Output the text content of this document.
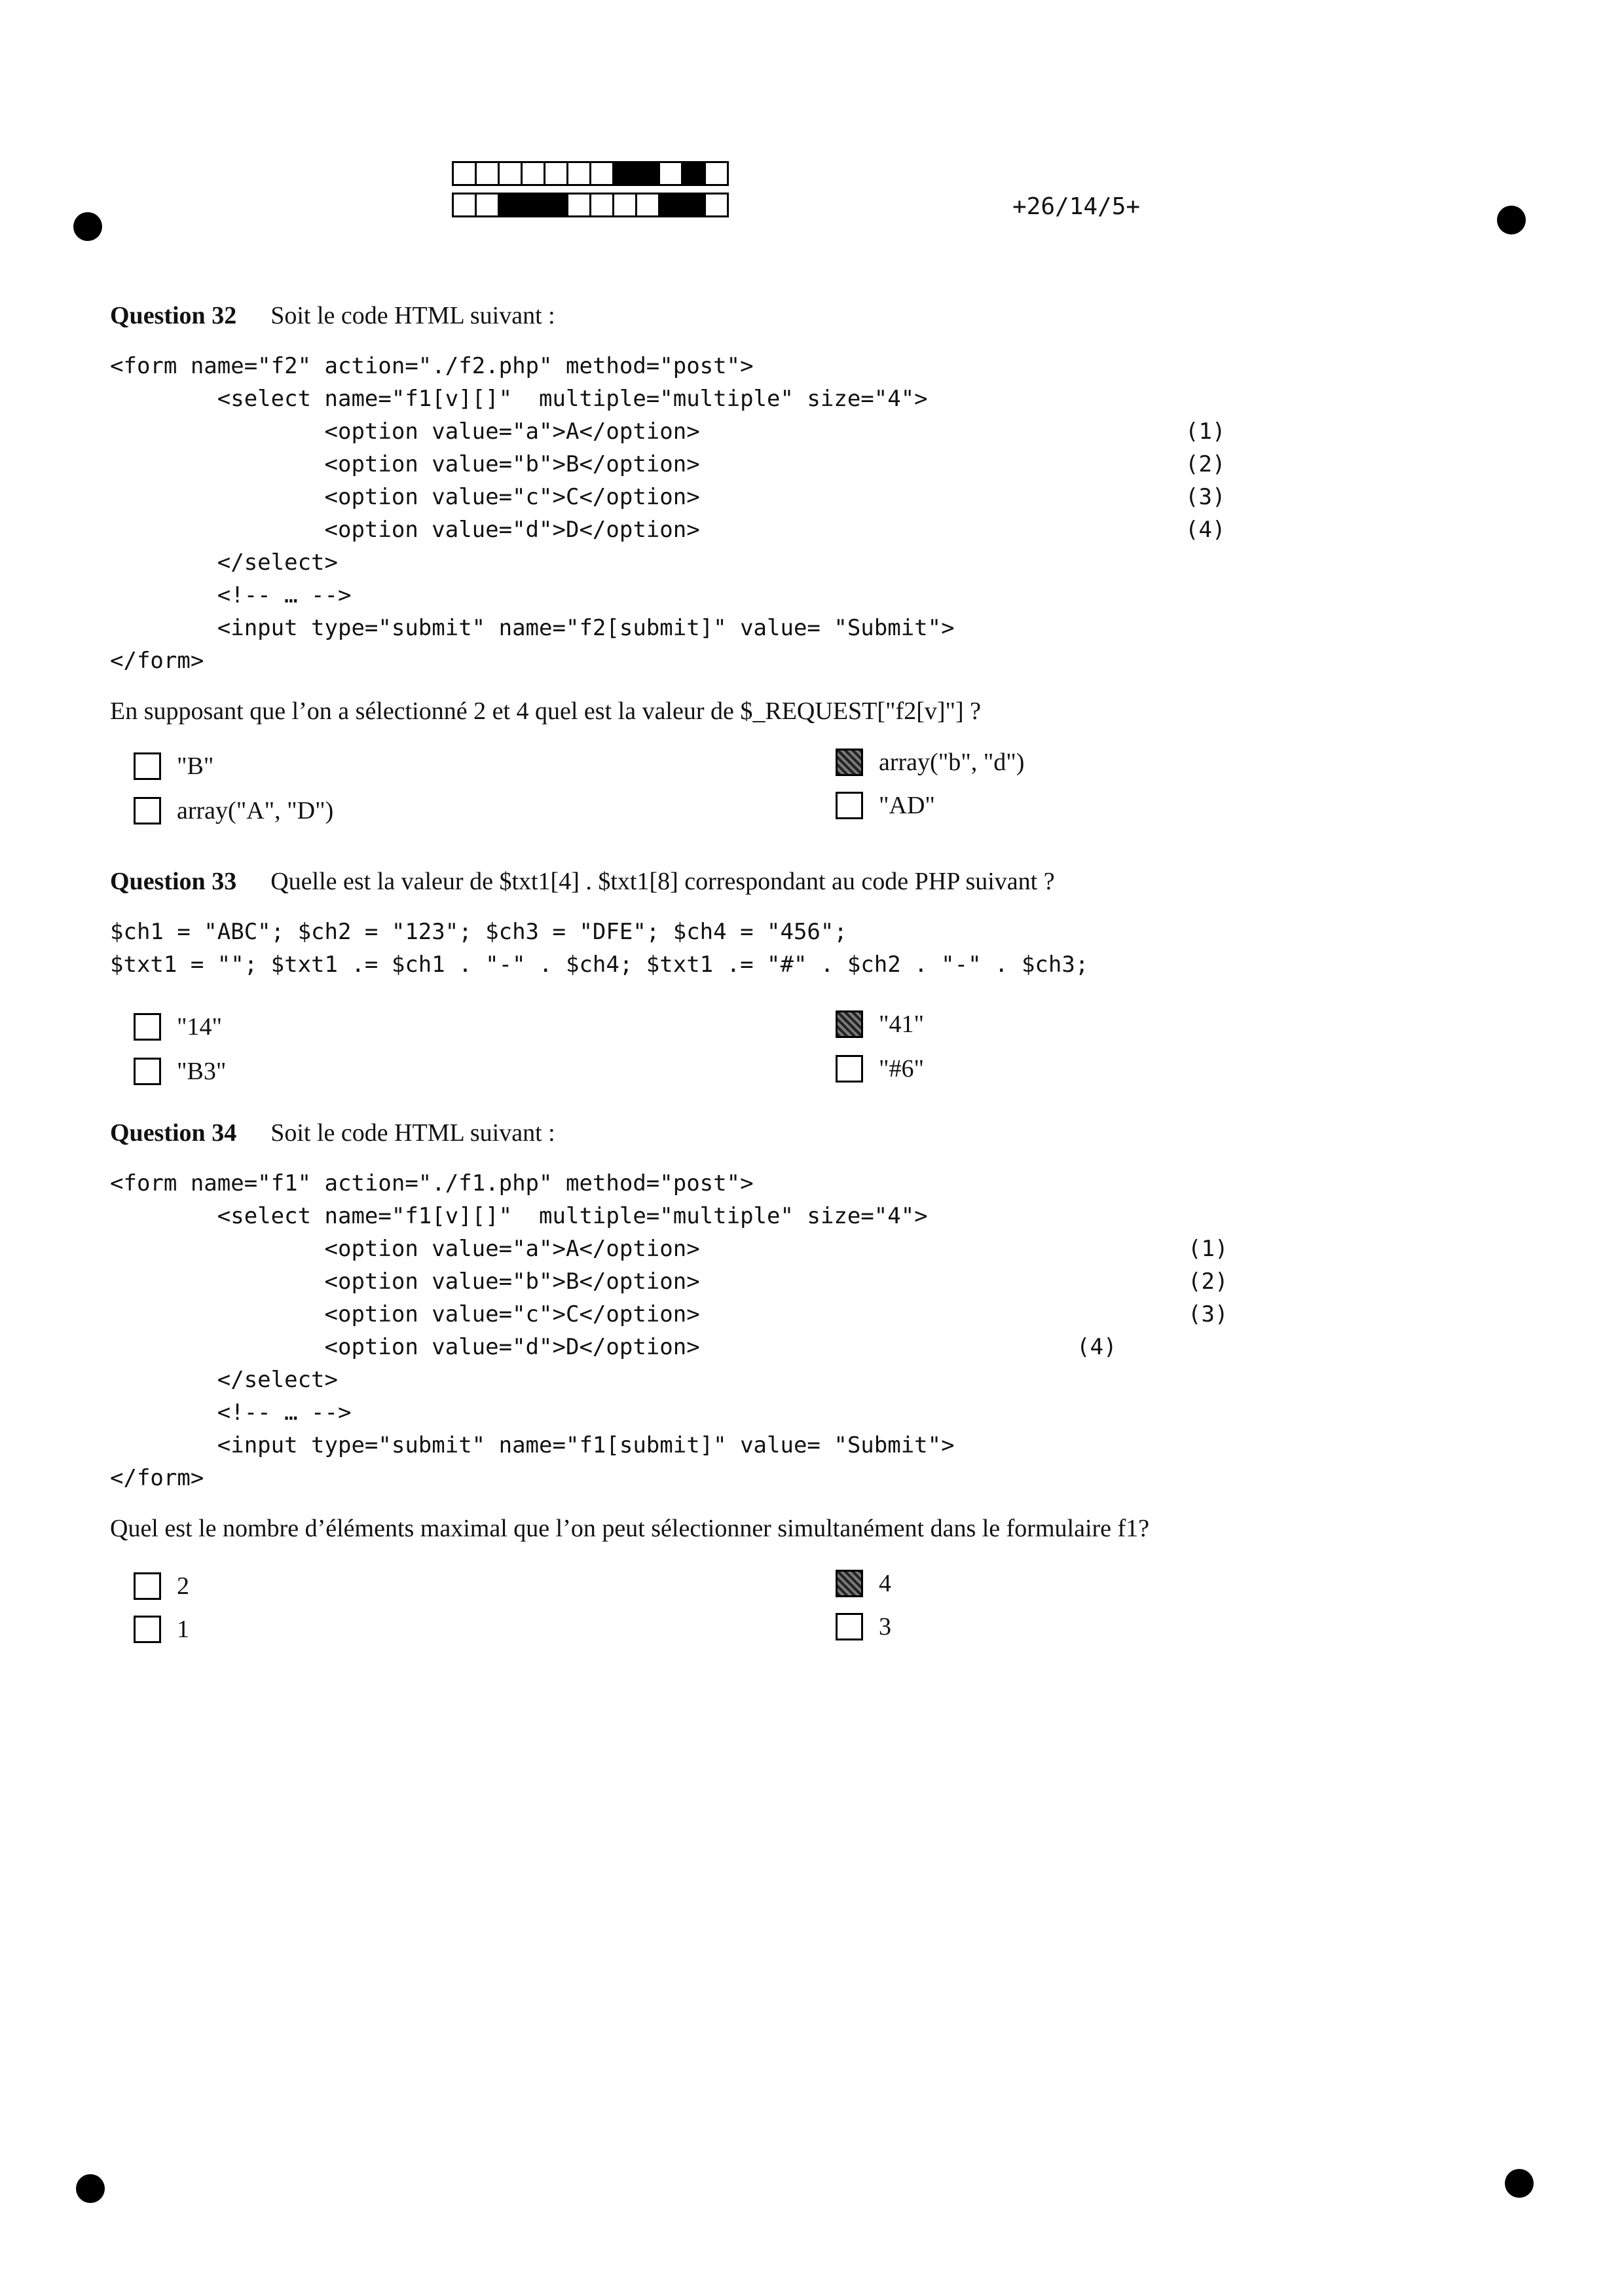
+26/14/5+
Question 32 Soit le code HTML suivant :
<form name="f2" action="./f2.php" method="post">
<select name="f1[v][]"  multiple="multiple" size="4">
<option value="a">A</option>	(1)
<option value="b">B</option>	(2)
<option value="c">C</option>	(3)
<option value="d">D</option>	(4)
</select>
<!-- … -->
<input type="submit" name="f2[submit]" value= "Submit">
</form>
En supposant que l’on a sélectionné 2 et 4 quel est la valeur de $_REQUEST["f2[v]"] ?
"B"	array("b", "d")
array("A", "D")	"AD"
Question 33 Quelle est la valeur de $txt1[4] . $txt1[8] correspondant au code PHP suivant ?
$ch1 = "ABC"; $ch2 = "123"; $ch3 = "DFE"; $ch4 = "456";
$txt1 = ""; $txt1 .= $ch1 . "-" . $ch4; $txt1 .= "#" . $ch2 . "-" . $ch3;
"14"	"41"
"B3"	"#6"
Question 34 Soit le code HTML suivant :
<form name="f1" action="./f1.php" method="post">
<select name="f1[v][]"  multiple="multiple" size="4">
<option value="a">A</option>	(1)
<option value="b">B</option>	(2)
<option value="c">C</option>	(3)
<option value="d">D</option>	(4)
</select>
<!-- … -->
<input type="submit" name="f1[submit]" value= "Submit">
</form>
Quel est le nombre d’éléments maximal que l’on peut sélectionner simultanément dans le formulaire f1?
2	4
1	3
